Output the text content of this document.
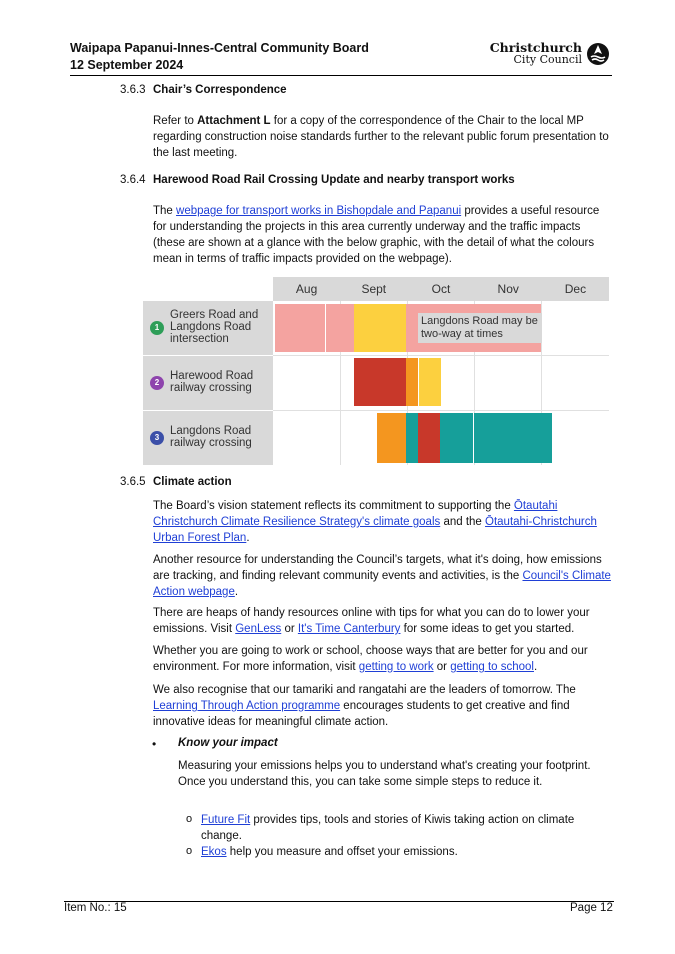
Waipapa Papanui-Innes-Central Community Board
12 September 2024
Christchurch
City Council
3.6.3 Chair’s Correspondence
Refer to Attachment L for a copy of the correspondence of the Chair to the local MP regarding construction noise standards further to the relevant public forum presentation to the last meeting.
3.6.4 Harewood Road Rail Crossing Update and nearby transport works
The webpage for transport works in Bishopdale and Papanui provides a useful resource for understanding the projects in this area currently underway and the traffic impacts (these are shown at a glance with the below graphic, with the detail of what the colours mean in terms of traffic impacts provided on the webpage).
Aug	Sept	Oct	Nov	Dec
1
Greers Road and Langdons Road intersection
2
Harewood Road railway crossing
3
Langdons Road railway crossing
Langdons Road may be two-way at times
3.6.5 Climate action
The Board’s vision statement reflects its commitment to supporting the Ōtautahi Christchurch Climate Resilience Strategy's climate goals and the Ōtautahi-Christchurch Urban Forest Plan.
Another resource for understanding the Council’s targets, what it's doing, how emissions are tracking, and finding relevant community events and activities, is the Council's Climate Action webpage.
There are heaps of handy resources online with tips for what you can do to lower your emissions. Visit GenLess or It's Time Canterbury for some ideas to get you started.
Whether you are going to work or school, choose ways that are better for you and our environment. For more information, visit getting to work or getting to school.
We also recognise that our tamariki and rangatahi are the leaders of tomorrow. The Learning Through Action programme encourages students to get creative and find innovative ideas for meaningful climate action.
• Know your impact
Measuring your emissions helps you to understand what's creating your footprint. Once you understand this, you can take some simple steps to reduce it.
o Future Fit provides tips, tools and stories of Kiwis taking action on climate change.
o Ekos help you measure and offset your emissions.
Item No.: 15	Page 12
